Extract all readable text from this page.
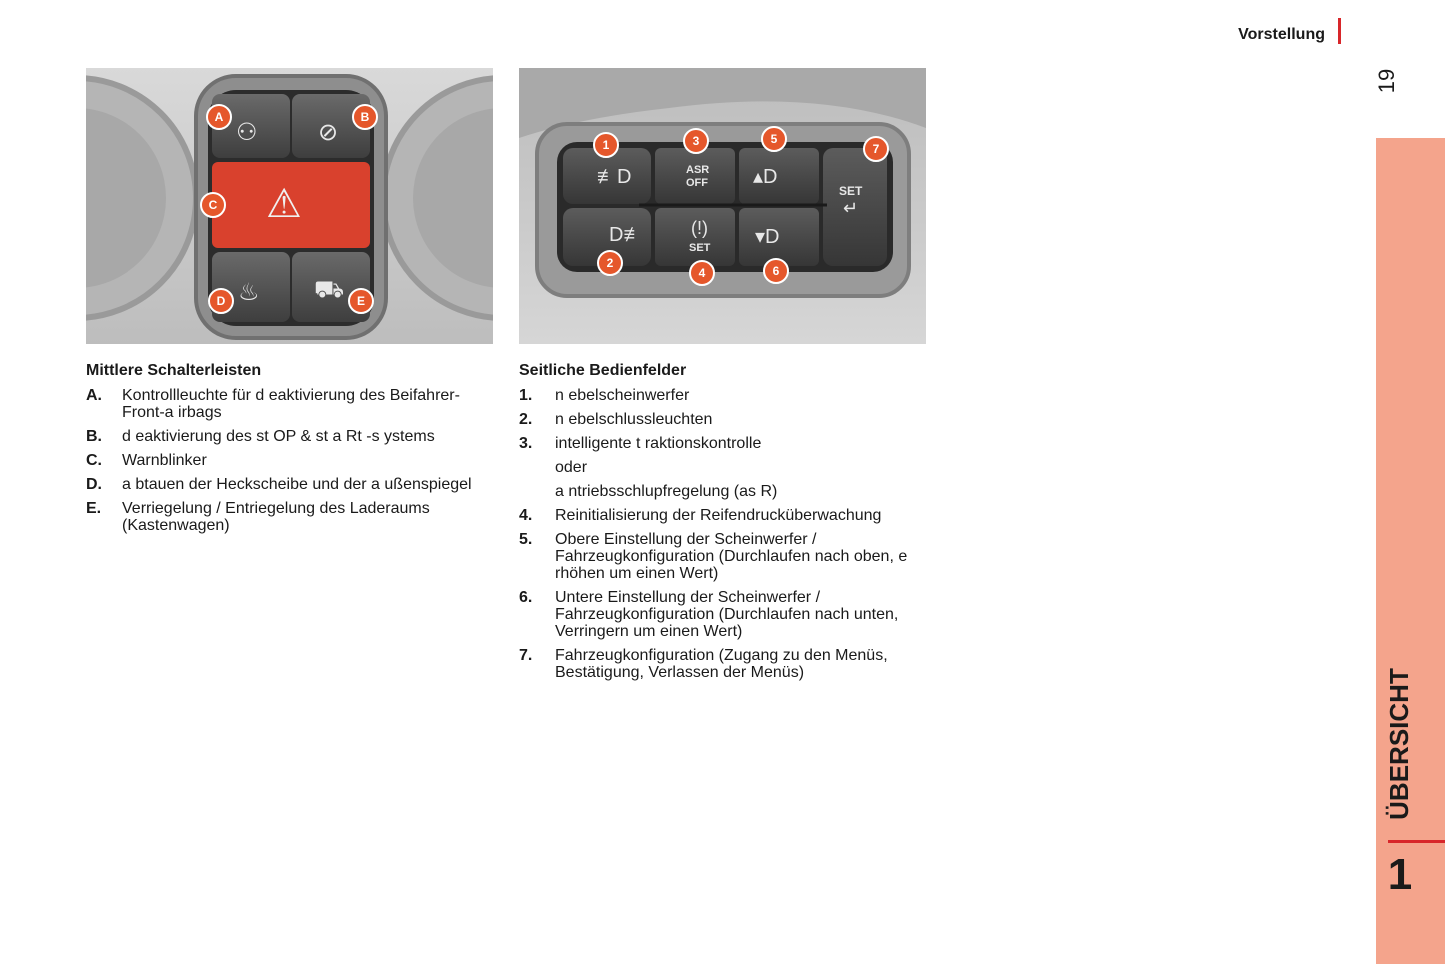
Vorstellung
19
ÜBERSICHT
1
⚇	⊘
⚠
♨ ⛟
A	B
C
D	E
≢D	ASR
OFF ▴D
SET
↵
D≢	(!)
SET ▾D
1
2
3
4
5
6
7
Mittlere Schalterleisten
A.	Kontrollleuchte für d eaktivierung des Beifahrer-Front-a irbags
B.	d eaktivierung des st OP & st a Rt -s ystems
C.	Warnblinker
D.	a btauen der Heckscheibe und der a ußenspiegel
E.	Verriegelung / Entriegelung des Laderaums (Kastenwagen)
Seitliche Bedienfelder
1.	n ebelscheinwerfer
2.	n ebelschlussleuchten
3.	intelligente t raktionskontrolle
oder
a ntriebsschlupfregelung (as R)
4.	Reinitialisierung der Reifendrucküberwachung
5.	Obere Einstellung der Scheinwerfer / Fahrzeugkonfiguration (Durchlaufen nach oben, e rhöhen um einen Wert)
6.	Untere Einstellung der Scheinwerfer / Fahrzeugkonfiguration (Durchlaufen nach unten, Verringern um einen Wert)
7.	Fahrzeugkonfiguration (Zugang zu den Menüs, Bestätigung, Verlassen der Menüs)
